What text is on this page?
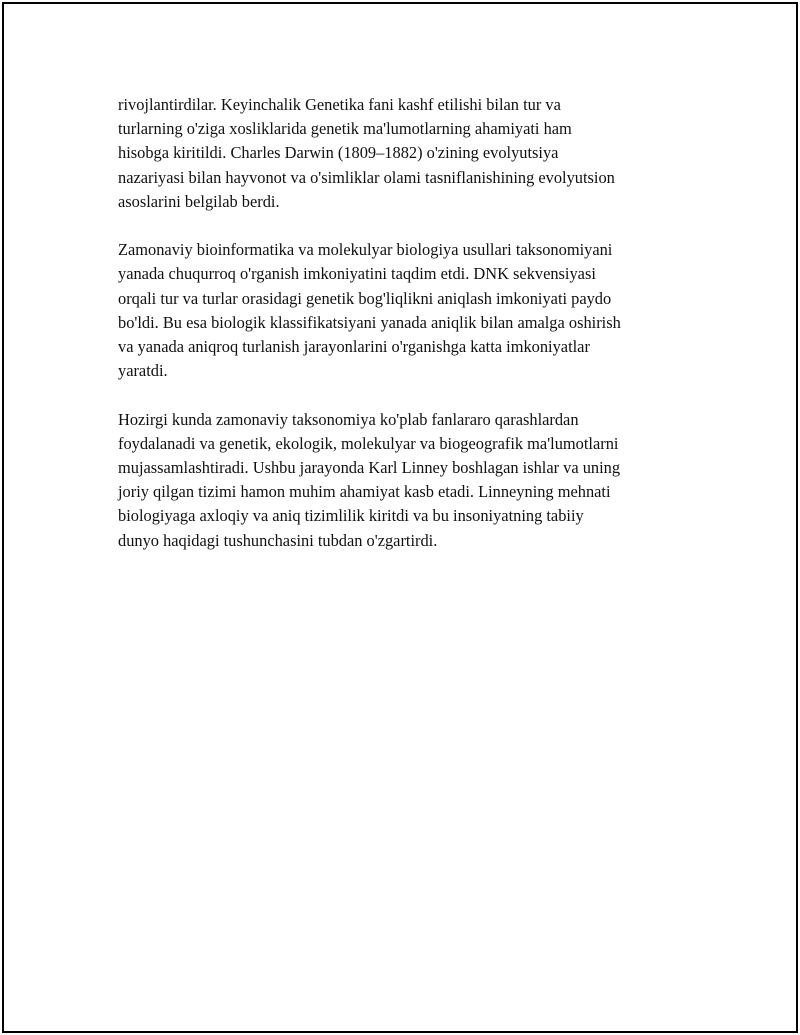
rivojlantirdilar. Keyinchalik Genetika fani kashf etilishi bilan tur va
turlarning o'ziga xosliklarida genetik ma'lumotlarning ahamiyati ham
hisobga kiritildi. Charles Darwin (1809–1882) o'zining evolyutsiya
nazariyasi bilan hayvonot va o'simliklar olami tasniflanishining evolyutsion
asoslarini belgilab berdi.

Zamonaviy bioinformatika va molekulyar biologiya usullari taksonomiyani
yanada chuqurroq o'rganish imkoniyatini taqdim etdi. DNK sekvensiyasi
orqali tur va turlar orasidagi genetik bog'liqlikni aniqlash imkoniyati paydo
bo'ldi. Bu esa biologik klassifikatsiyani yanada aniqlik bilan amalga oshirish
va yanada aniqroq turlanish jarayonlarini o'rganishga katta imkoniyatlar
yaratdi.

Hozirgi kunda zamonaviy taksonomiya ko'plab fanlararo qarashlardan
foydalanadi va genetik, ekologik, molekulyar va biogeografik ma'lumotlarni
mujassamlashtiradi. Ushbu jarayonda Karl Linney boshlagan ishlar va uning
joriy qilgan tizimi hamon muhim ahamiyat kasb etadi. Linneyning mehnati
biologiyaga axloqiy va aniq tizimlilik kiritdi va bu insoniyatning tabiiy
dunyo haqidagi tushunchasini tubdan o'zgartirdi.
